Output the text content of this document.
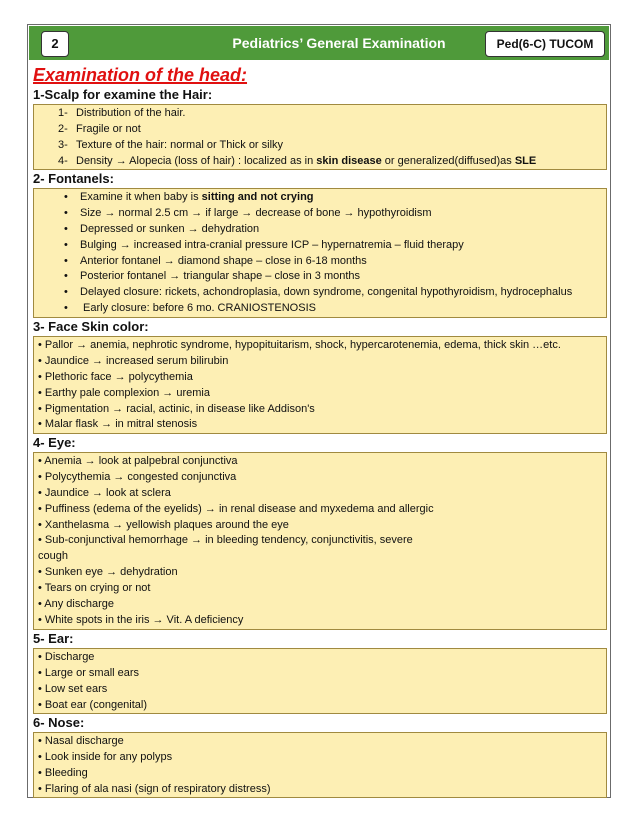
2	Pediatrics’ General Examination	Ped(6-C) TUCOM
Examination of the head:
1-Scalp for examine the Hair:
1- Distribution of the hair.
2- Fragile or not
3- Texture of the hair: normal or Thick or silky
4- Density → Alopecia (loss of hair) : localized as in skin disease or generalized(diffused)as SLE
2- Fontanels:
• Examine it when baby is sitting and not crying
• Size → normal 2.5 cm → if large → decrease of bone → hypothyroidism
• Depressed or sunken → dehydration
• Bulging → increased intra-cranial pressure ICP – hypernatremia – fluid therapy
• Anterior fontanel → diamond shape – close in 6-18 months
• Posterior fontanel → triangular shape – close in 3 months
• Delayed closure: rickets, achondroplasia, down syndrome, congenital hypothyroidism, hydrocephalus
• Early closure: before 6 mo. CRANIOSTENOSIS
3- Face Skin color:
• Pallor → anemia, nephrotic syndrome, hypopituitarism, shock, hypercarotenemia, edema, thick skin …etc.
• Jaundice → increased serum bilirubin
• Plethoric face → polycythemia
• Earthy pale complexion → uremia
• Pigmentation → racial, actinic, in disease like Addison's
• Malar flask → in mitral stenosis
4- Eye:
• Anemia → look at palpebral conjunctiva
• Polycythemia → congested conjunctiva
• Jaundice → look at sclera
• Puffiness (edema of the eyelids) → in renal disease and myxedema and allergic
• Xanthelasma → yellowish plaques around the eye
• Sub-conjunctival hemorrhage → in bleeding tendency, conjunctivitis, severe
cough
• Sunken eye → dehydration
• Tears on crying or not
• Any discharge
• White spots in the iris → Vit. A deficiency
5- Ear:
• Discharge
• Large or small ears
• Low set ears
• Boat ear (congenital)
6- Nose:
• Nasal discharge
• Look inside for any polyps
• Bleeding
• Flaring of ala nasi (sign of respiratory distress)
